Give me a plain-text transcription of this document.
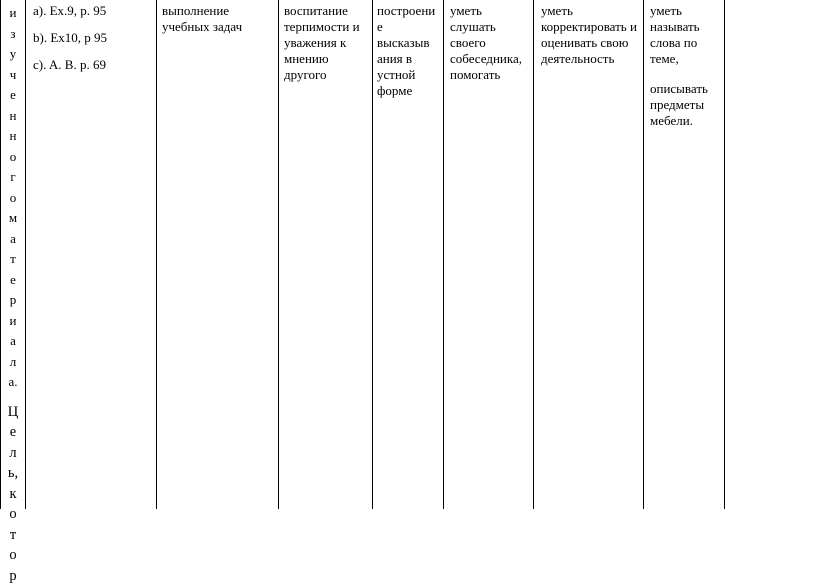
и
з
у
ч
е
н
н
о
г
о
м
а
т
е
р
и
а
л
а.
Ц
е
л
ь,
к
о
т
о
р
а). Ex.9, p. 95
b). Ex10, p 95
c). A. B. p. 69
выполнение учебных задач
воспитание терпимости и уважения к мнению другого
построени
е
высказыв
ания в
устной
форме
уметь слушать своего собеседника, помогать
уметь корректировать и оценивать свою деятельность
уметь называть слова по теме,
описывать предметы мебели.
